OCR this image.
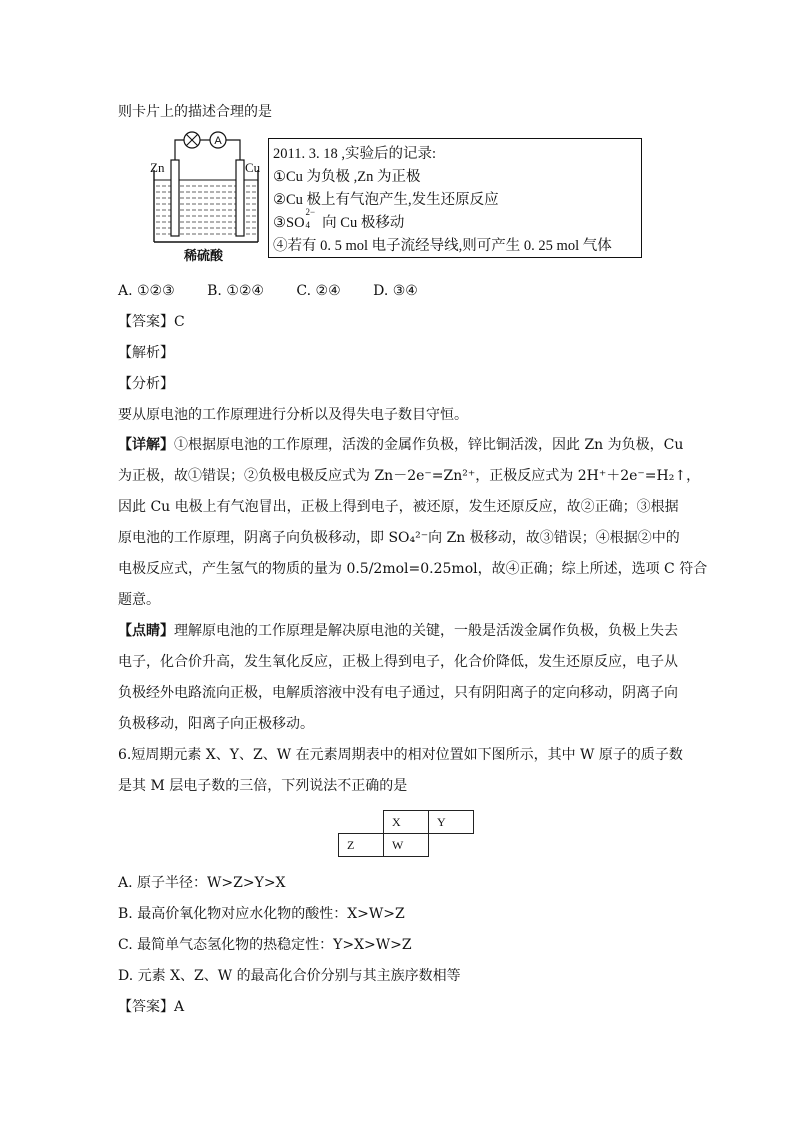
则卡片上的描述合理的是
A
Zn	Cu
稀硫酸
2011. 3. 18 ,实验后的记录:
①Cu 为负极 ,Zn 为正极
②Cu 极上有气泡产生,发生还原反应
③SO
2−
4 向 Cu 极移动
④若有 0. 5 mol 电子流经导线,则可产生 0. 25 mol 气体
A. ①②③ B. ①②④ C. ②④ D. ③④
【答案】C
【解析】
【分析】
要从原电池的工作原理进行分析以及得失电子数目守恒。
【详解】①根据原电池的工作原理，活泼的金属作负极，锌比铜活泼，因此 Zn 为负极，Cu
为正极，故①错误；②负极电极反应式为 Zn－2e⁻=Zn²⁺，正极反应式为 2H⁺＋2e⁻=H₂↑，
因此 Cu 电极上有气泡冒出，正极上得到电子，被还原，发生还原反应，故②正确；③根据
原电池的工作原理，阴离子向负极移动，即 SO₄²⁻向 Zn 极移动，故③错误；④根据②中的
电极反应式，产生氢气的物质的量为 0.5/2mol=0.25mol，故④正确；综上所述，选项 C 符合
题意。
【点睛】理解原电池的工作原理是解决原电池的关键，一般是活泼金属作负极，负极上失去
电子，化合价升高，发生氧化反应，正极上得到电子，化合价降低，发生还原反应，电子从
负极经外电路流向正极，电解质溶液中没有电子通过，只有阴阳离子的定向移动，阴离子向
负极移动，阳离子向正极移动。
6.短周期元素 X、Y、Z、W 在元素周期表中的相对位置如下图所示，其中 W 原子的质子数
是其 M 层电子数的三倍，下列说法不正确的是
	X	Y
Z	W	
A. 原子半径：W>Z>Y>X
B. 最高价氧化物对应水化物的酸性：X>W>Z
C. 最简单气态氢化物的热稳定性：Y>X>W>Z
D. 元素 X、Z、W 的最高化合价分别与其主族序数相等
【答案】A
